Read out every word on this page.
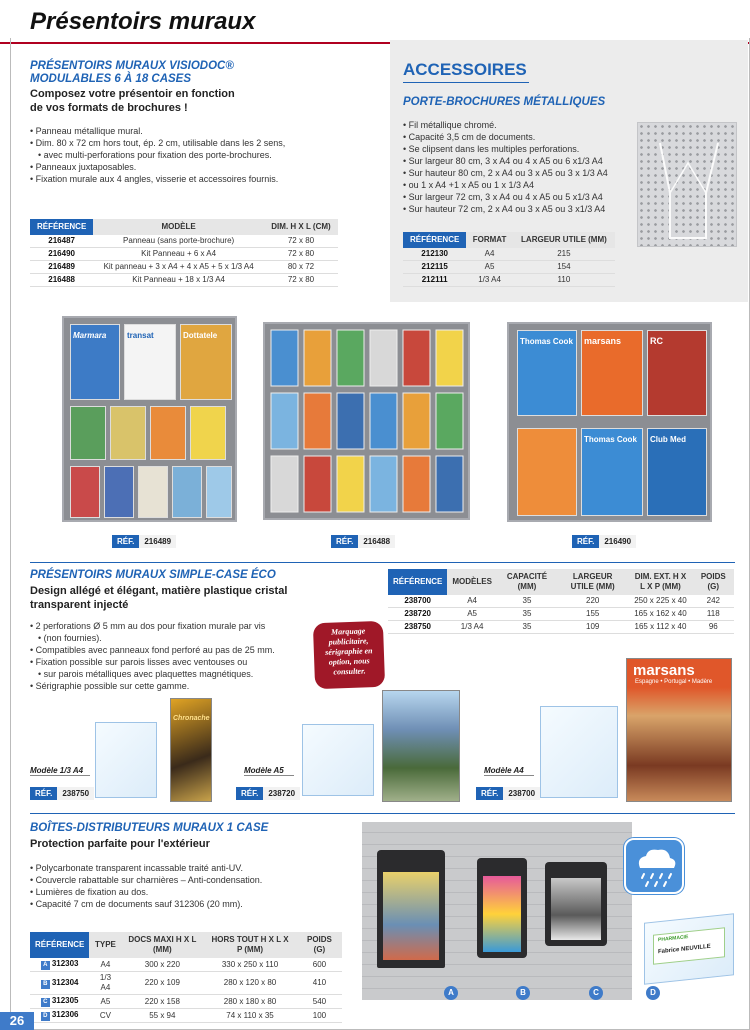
Présentoirs muraux
PRÉSENTOIRS MURAUX VISIODOC®
MODULABLES 6 À 18 CASES
Composez votre présentoir en fonction
de vos formats de brochures !
• Panneau métallique mural.
• Dim. 80 x 72 cm hors tout, ép. 2 cm, utilisable dans les 2 sens,
• avec multi-perforations pour fixation des porte-brochures.
• Panneaux juxtaposables.
• Fixation murale aux 4 angles, visserie et accessoires fournis.
RÉFÉRENCE	MODÈLE	DIM. H X L (CM)
216487	Panneau (sans porte-brochure)	72 x 80
216490	Kit Panneau + 6 x A4	72 x 80
216489	Kit panneau + 3 x A4 + 4 x A5 + 5 x 1/3 A4	80 x 72
216488	Kit Panneau + 18 x 1/3 A4	72 x 80
ACCESSOIRES
PORTE-BROCHURES MÉTALLIQUES
• Fil métallique chromé.
• Capacité 3,5 cm de documents.
• Se clipsent dans les multiples perforations.
• Sur largeur 80 cm, 3 x A4 ou 4 x A5 ou 6 x1/3 A4
• Sur hauteur 80 cm, 2 x A4 ou 3 x A5 ou 3 x 1/3 A4
• ou 1 x A4 +1 x A5 ou 1 x 1/3 A4
• Sur largeur 72 cm, 3 x A4 ou 4 x A5 ou 5 x1/3 A4
• Sur hauteur 72 cm, 2 x A4 ou 3 x A5 ou 3 x1/3 A4
RÉFÉRENCE	FORMAT	LARGEUR UTILE (MM)
212130	A4	215
212115	A5	154
212111	1/3 A4	110
Marmara	transat	Dottatele
Thomas Cook	marsans	RC
Thomas Cook	Club Med
RÉF.	216489	RÉF.	216488	RÉF.	216490
PRÉSENTOIRS MURAUX SIMPLE-CASE ÉCO
Design allégé et élégant, matière plastique cristal
transparent injecté
• 2 perforations Ø 5 mm au dos pour fixation murale par vis
• (non fournies).
• Compatibles avec panneaux fond perforé au pas de 25 mm.
• Fixation possible sur parois lisses avec ventouses ou
• sur parois métalliques avec plaquettes magnétiques.
• Sérigraphie possible sur cette gamme.
Marquage
publicitaire,
sérigraphie en
option, nous
consulter.
RÉFÉRENCE	MODÈLES	CAPACITÉ (MM)	LARGEUR UTILE (MM)	DIM. EXT. H X L X P (MM)	POIDS (G)
238700	A4	35	220	250 x 225 x 40	242
238720	A5	35	155	165 x 162 x 40	118
238750	1/3 A4	35	109	165 x 112 x 40	96
Chronache
Modèle 1/3 A4
RÉF.	238750
Modèle A5
RÉF.	238720
marsans
Espagne • Portugal • Madère
Modèle A4
RÉF.	238700
BOÎTES-DISTRIBUTEURS MURAUX 1 CASE
Protection parfaite pour l'extérieur
• Polycarbonate transparent incassable traité anti-UV.
• Couvercle rabattable sur charnières – Anti-condensation.
• Lumières de fixation au dos.
• Capacité 7 cm de documents sauf 312306 (20 mm).
RÉFÉRENCE	TYPE	DOCS MAXI H X L (MM)	HORS TOUT H X L X P (MM)	POIDS (G)
A 312303	A4	300 x 220	330 x 250 x 110	600
B 312304	1/3 A4	220 x 109	280 x 120 x 80	410
C 312305	A5	220 x 158	280 x 180 x 80	540
D 312306	CV	55 x 94	74 x 110 x 35	100
A	B	C
PHARMACIE
Fabrice NEUVILLE
D
26
